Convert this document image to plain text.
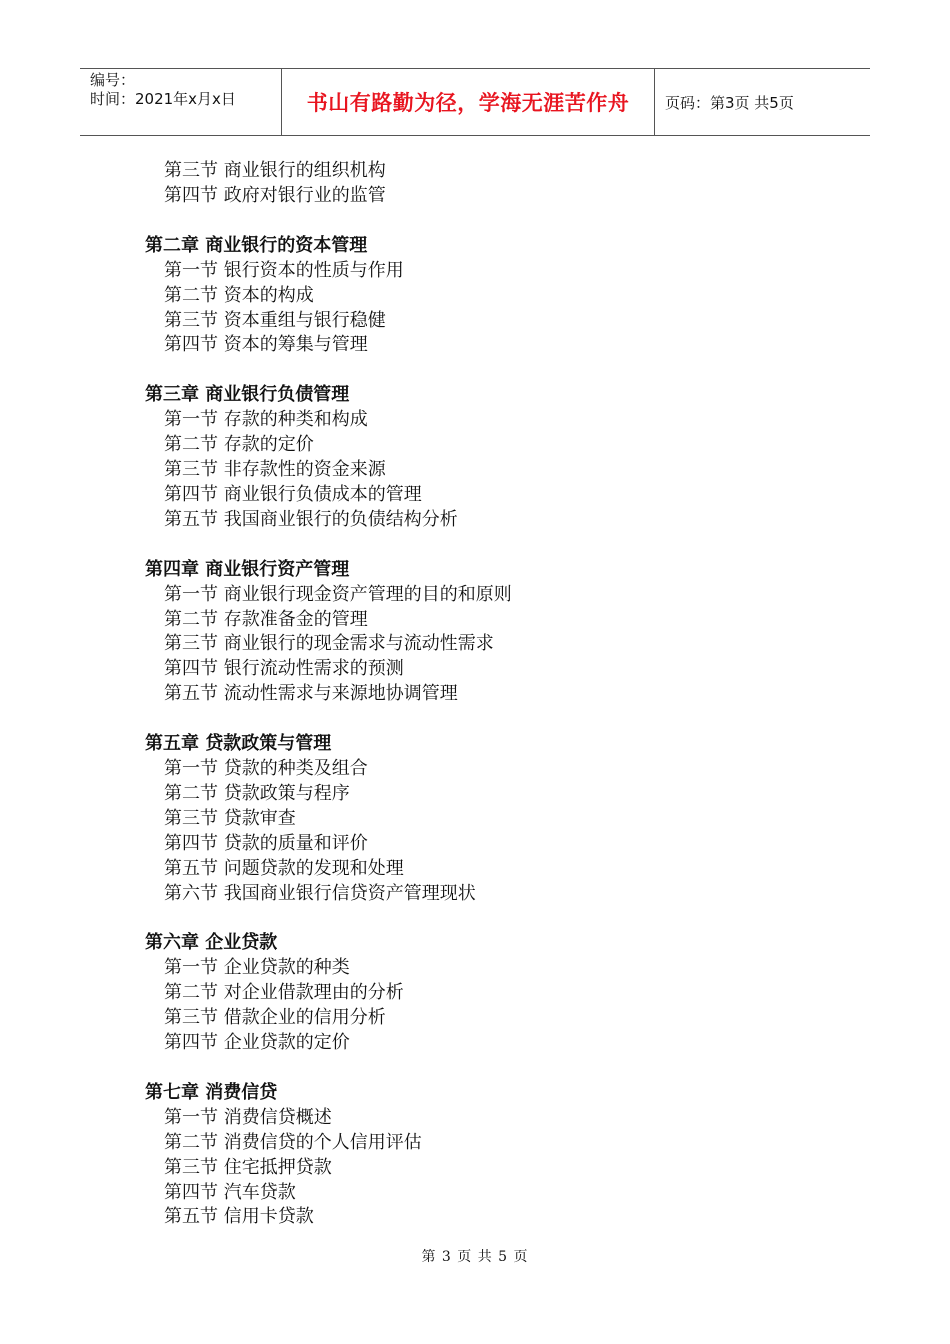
编号：
时间：2021年x月x日	书山有路勤为径，学海无涯苦作舟 页码：第3页 共5页
第三节 商业银行的组织机构
第四节 政府对银行业的监管
第二章 商业银行的资本管理
第一节 银行资本的性质与作用
第二节 资本的构成
第三节 资本重组与银行稳健
第四节 资本的筹集与管理
第三章 商业银行负债管理
第一节 存款的种类和构成
第二节 存款的定价
第三节 非存款性的资金来源
第四节 商业银行负债成本的管理
第五节 我国商业银行的负债结构分析
第四章 商业银行资产管理
第一节 商业银行现金资产管理的目的和原则
第二节 存款准备金的管理
第三节 商业银行的现金需求与流动性需求
第四节 银行流动性需求的预测
第五节 流动性需求与来源地协调管理
第五章 贷款政策与管理
第一节 贷款的种类及组合
第二节 贷款政策与程序
第三节 贷款审查
第四节 贷款的质量和评价
第五节 问题贷款的发现和处理
第六节 我国商业银行信贷资产管理现状
第六章 企业贷款
第一节 企业贷款的种类
第二节 对企业借款理由的分析
第三节 借款企业的信用分析
第四节 企业贷款的定价
第七章 消费信贷
第一节 消费信贷概述
第二节 消费信贷的个人信用评估
第三节 住宅抵押贷款
第四节 汽车贷款
第五节 信用卡贷款
第 3 页 共 5 页
